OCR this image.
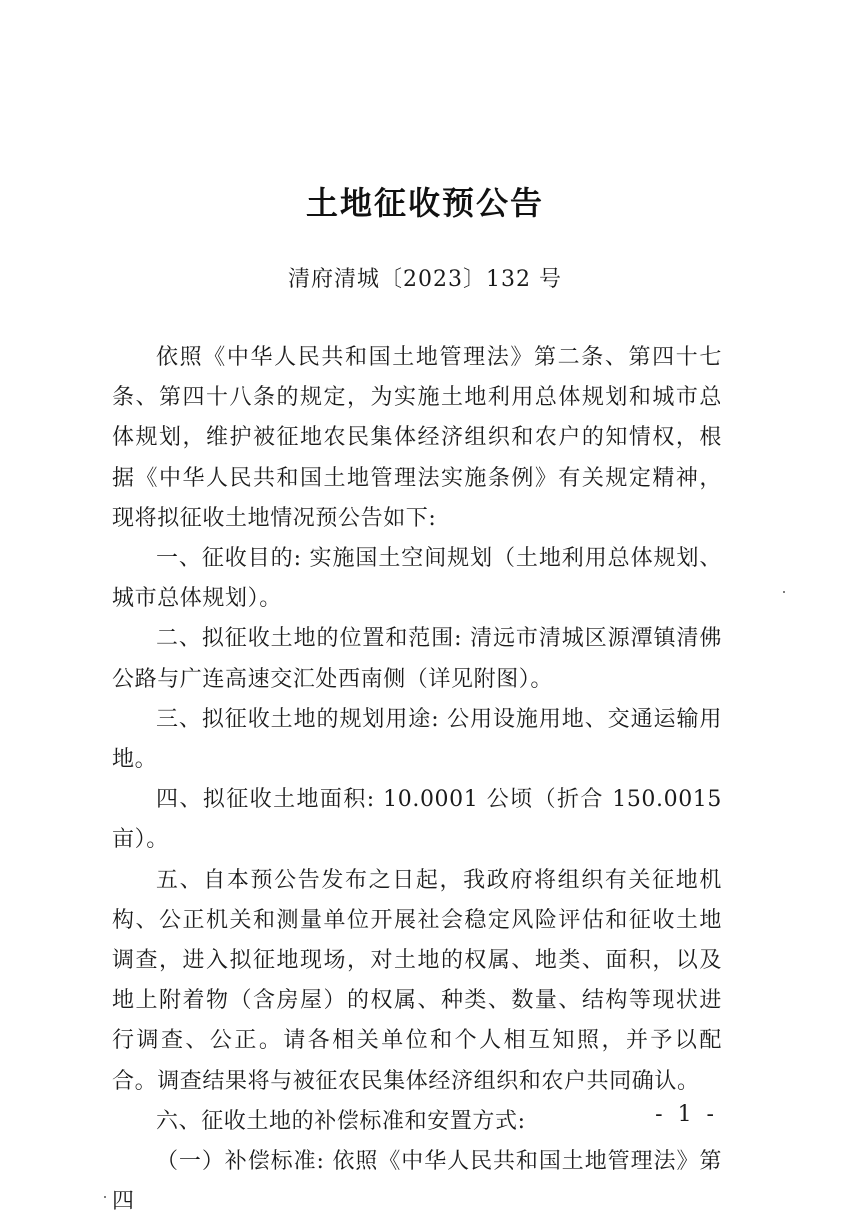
土地征收预公告
清府清城〔2023〕132 号

依照《中华人民共和国土地管理法》第二条、第四十七条、第四十八条的规定，为实施土地利用总体规划和城市总体规划，维护被征地农民集体经济组织和农户的知情权，根据《中华人民共和国土地管理法实施条例》有关规定精神，现将拟征收土地情况预公告如下:

一、征收目的: 实施国土空间规划（土地利用总体规划、城市总体规划）。

二、拟征收土地的位置和范围: 清远市清城区源潭镇清佛公路与广连高速交汇处西南侧（详见附图）。

三、拟征收土地的规划用途: 公用设施用地、交通运输用地。

四、拟征收土地面积: 10.0001 公顷（折合 150.0015 亩）。

五、自本预公告发布之日起，我政府将组织有关征地机构、公正机关和测量单位开展社会稳定风险评估和征收土地调查，进入拟征地现场，对土地的权属、地类、面积，以及地上附着物（含房屋）的权属、种类、数量、结构等现状进行调查、公正。请各相关单位和个人相互知照，并予以配合。调查结果将与被征农民集体经济组织和农户共同确认。

六、征收土地的补偿标准和安置方式:

（一）补偿标准: 依照《中华人民共和国土地管理法》第四

- 1 -
